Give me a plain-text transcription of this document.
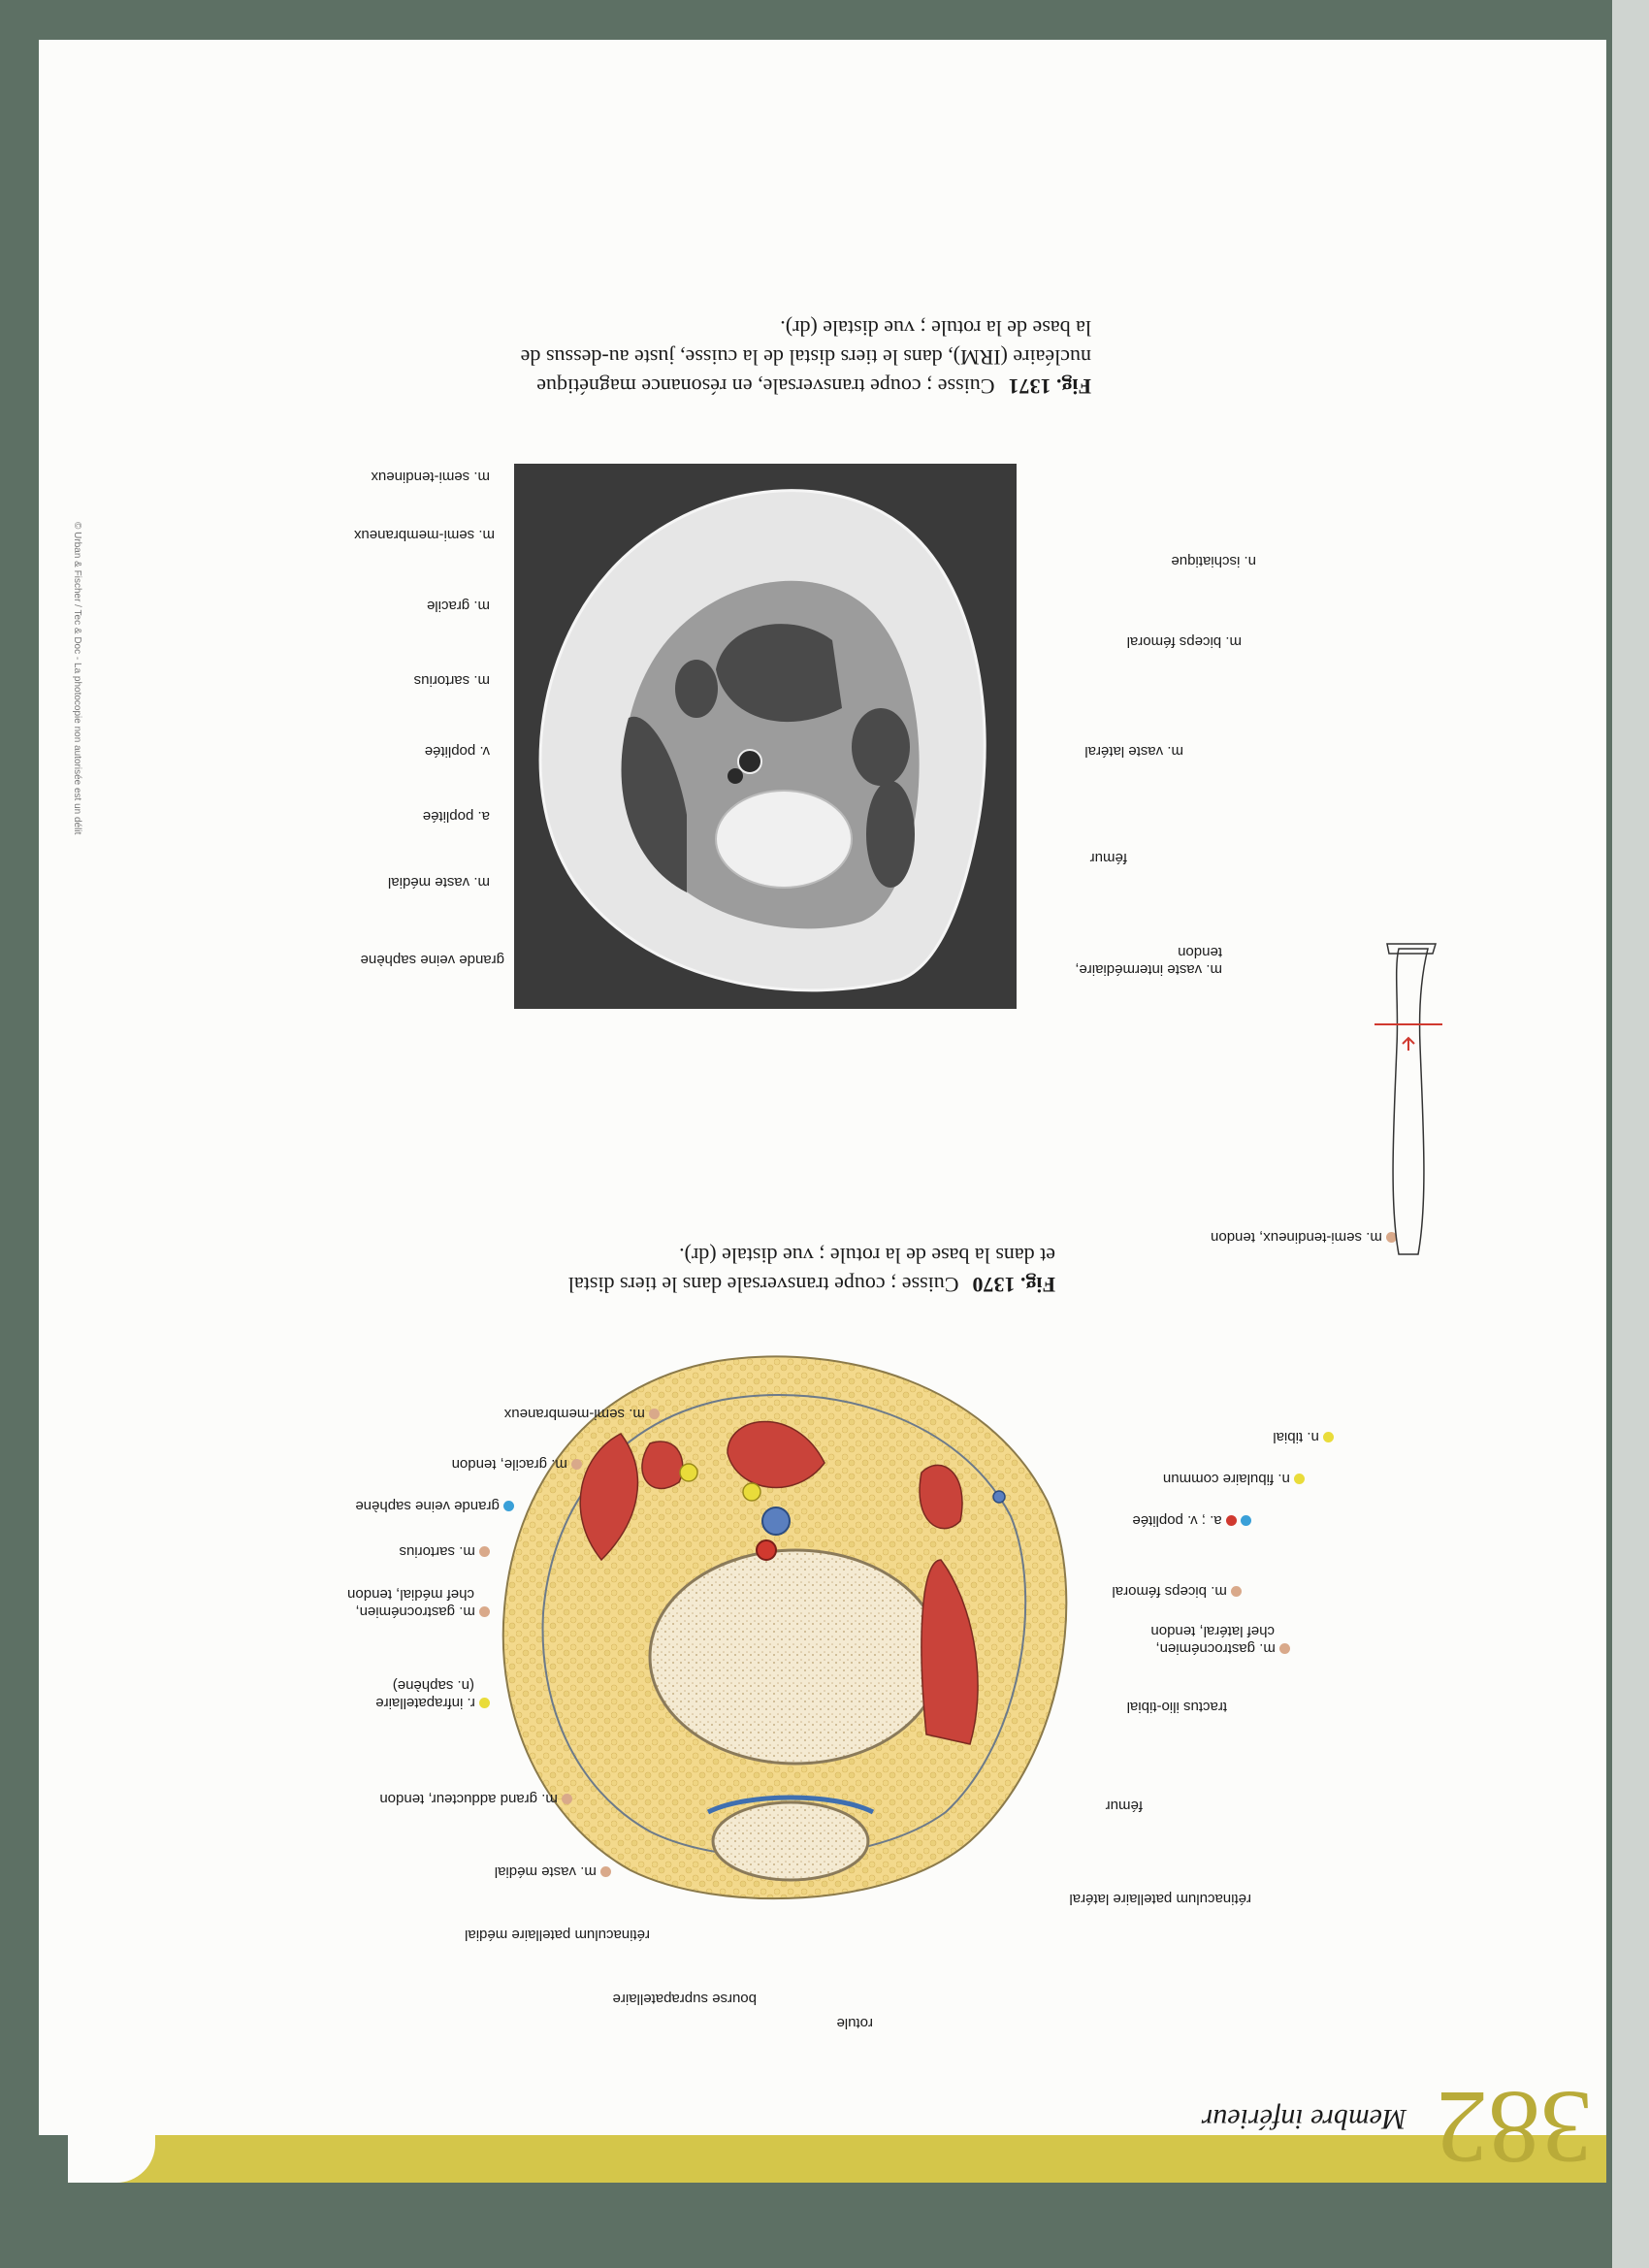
382
Membre inférieur
m. semi-tendineux, tendon
n. tibial
n. fibulaire commun
a. ; v. poplitée
m. biceps fémoral
m. gastrocnémien,
chef latéral, tendon
tractus ilio-tibial
fémur
rétinaculum patellaire latéral
m. semi-membraneux
m. gracile, tendon
grande veine saphène
m. sartorius
m. gastrocnémien,
chef médial, tendon
r. infrapatellaire
(n. saphène)
m. grand adducteur, tendon
m. vaste médial
rétinaculum patellaire médial
bourse suprapatellaire
rotule
Fig. 1370Cuisse ; coupe transversale dans le tiers distal et dans la base de la rotule ; vue distale (dr).
n. ischiatique
m. biceps fémoral
m. vaste latéral
fémur
m. vaste intermédiaire,
tendon
m. semi-tendineux
m. semi-membraneux
m. gracile
m. sartorius
v. poplitée
a. poplitée
m. vaste médial
grande veine saphène
Fig. 1371Cuisse ; coupe transversale, en résonance magnétique nucléaire (IRM), dans le tiers distal de la cuisse, juste au-dessus de la base de la rotule ; vue distale (dr).
© Urban & Fischer / Tec & Doc - La photocopie non autorisée est un délit
